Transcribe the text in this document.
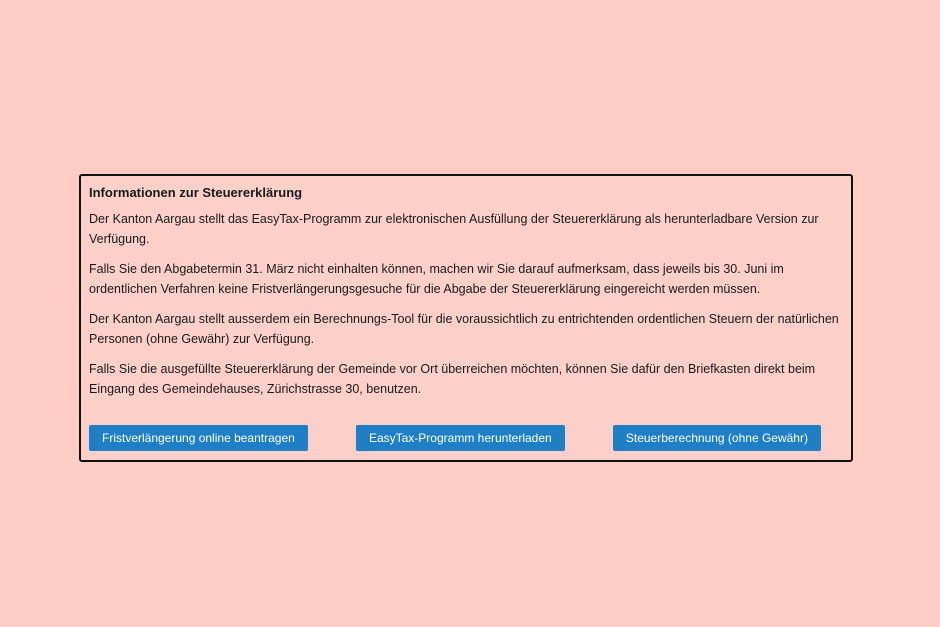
Informationen zur Steuererklärung

Der Kanton Aargau stellt das EasyTax-Programm zur elektronischen Ausfüllung der Steuererklärung als herunterladbare Version zur Verfügung.

Falls Sie den Abgabetermin 31. März nicht einhalten können, machen wir Sie darauf aufmerksam, dass jeweils bis 30. Juni im ordentlichen Verfahren keine Fristverlängerungsgesuche für die Abgabe der Steuererklärung eingereicht werden müssen.

Der Kanton Aargau stellt ausserdem ein Berechnungs-Tool für die voraussichtlich zu entrichtenden ordentlichen Steuern der natürlichen Personen (ohne Gewähr) zur Verfügung.

Falls Sie die ausgefüllte Steuererklärung der Gemeinde vor Ort überreichen möchten, können Sie dafür den Briefkasten direkt beim Eingang des Gemeindehauses, Zürichstrasse 30, benutzen.

Fristverlängerung online beantragen	EasyTax-Programm herunterladen	Steuerberechnung (ohne Gewähr)
